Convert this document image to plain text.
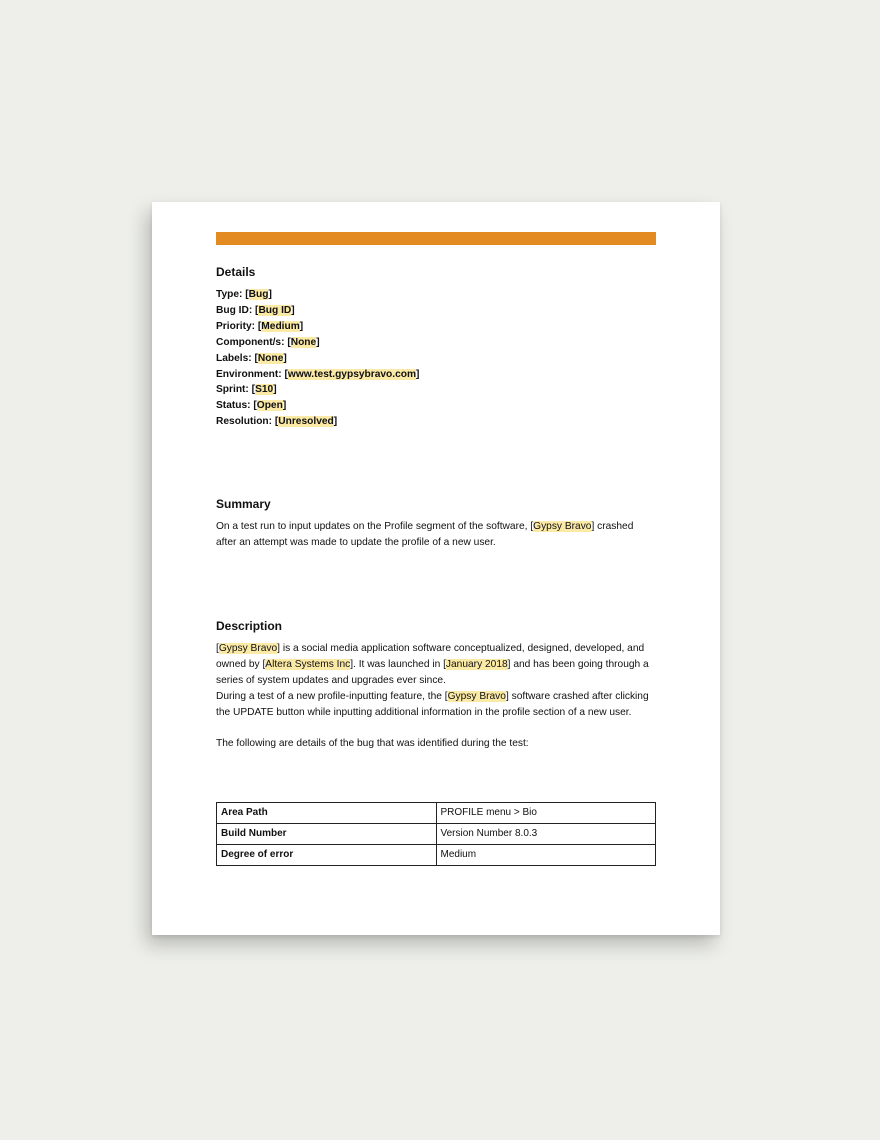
Details
Type: [Bug]
Bug ID: [Bug ID]
Priority: [Medium]
Component/s: [None]
Labels: [None]
Environment: [www.test.gypsybravo.com]
Sprint: [S10]
Status: [Open]
Resolution: [Unresolved]
Summary

On a test run to input updates on the Profile segment of the software, [Gypsy Bravo] crashed after an attempt was made to update the profile of a new user.

Description

[Gypsy Bravo] is a social media application software conceptualized, designed, developed, and owned by [Altera Systems Inc]. It was launched in [January 2018] and has been going through a series of system updates and upgrades ever since.

During a test of a new profile-inputting feature, the [Gypsy Bravo] software crashed after clicking the UPDATE button while inputting additional information in the profile section of a new user.

The following are details of the bug that was identified during the test:

Area Path	PROFILE menu > Bio
Build Number	Version Number 8.0.3
Degree of error	Medium
